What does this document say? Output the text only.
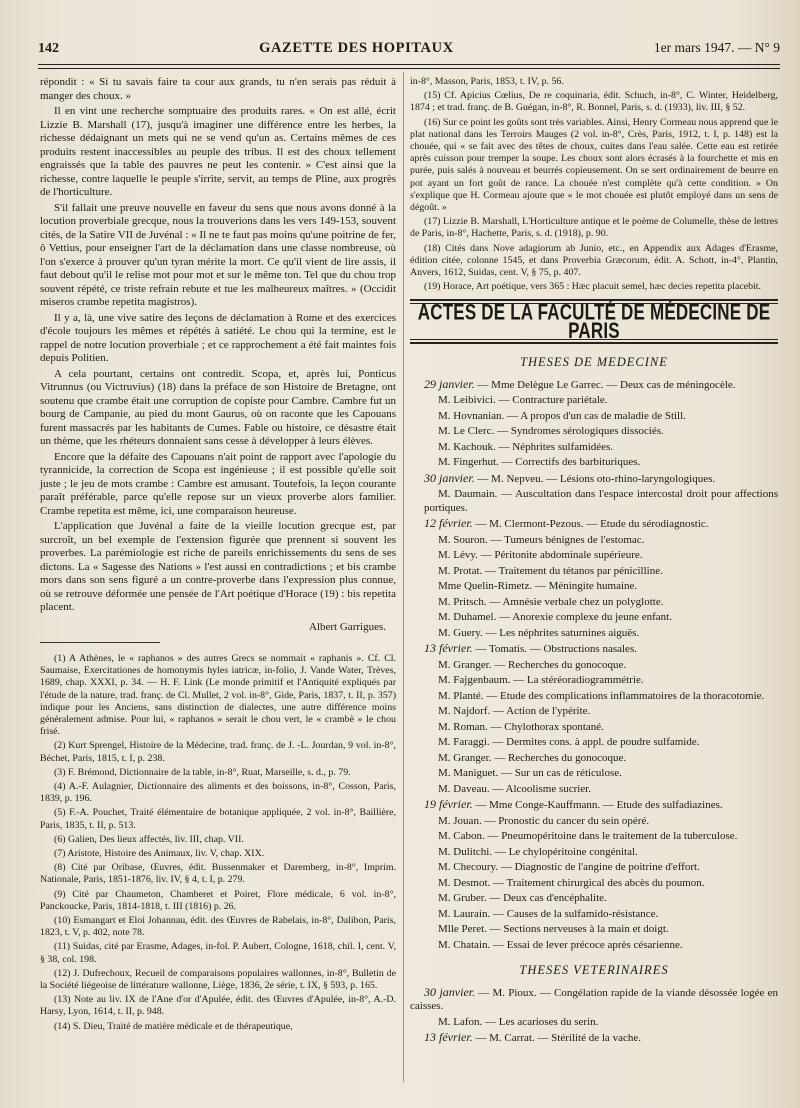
142	GAZETTE DES HOPITAUX	1er mars 1947. — N° 9

répondit : « Si tu savais faire ta cour aux grands, tu n'en serais pas réduit à manger des choux. »

Il en vint une recherche somptuaire des produits rares. « On est allé, écrit Lizzie B. Marshall (17), jusqu'à imaginer une différence entre les herbes, la richesse dédaignant un mets qui ne se vend qu'un as. Certains mêmes de ces produits restent inaccessibles au peuple des tribus. Il est des choux tellement engraissés que la table des pauvres ne peut les contenir. » C'est ainsi que la richesse, contre laquelle le peuple s'irrite, servit, au temps de Pline, aux progrès de l'horticulture.

S'il fallait une preuve nouvelle en faveur du sens que nous avons donné à la locution proverbiale grecque, nous la trouverions dans les vers 149-153, souvent cités, de la Satire VII de Juvénal : « Il ne te faut pas moins qu'une poitrine de fer, ô Vettius, pour enseigner l'art de la déclamation dans une classe nombreuse, où l'on s'exerce à prouver qu'un tyran mérite la mort. Ce qu'il vient de lire assis, il faut debout qu'il le relise mot pour mot et sur le même ton. Tel que du chou trop souvent répété, ce triste refrain rebute et tue les malheureux maîtres. » (Occidit miseros crambe repetita magistros).

Il y a, là, une vive satire des leçons de déclamation à Rome et des exercices d'école toujours les mêmes et répétés à satiété. Le chou qui la termine, est le rappel de notre locution proverbiale ; et ce rapprochement a été fait maintes fois depuis Politien.

A cela pourtant, certains ont contredit. Scopa, et, après lui, Ponticus Vitrunnus (ou Victruvius) (18) dans la préface de son Histoire de Bretagne, ont soutenu que crambe était une corruption de copiste pour Cambre. Cambre fut un bourg de Campanie, au pied du mont Gaurus, où on raconte que les Capouans furent massacrés par les habitants de Cumes. Fable ou histoire, ce désastre était un thème, que les rhéteurs donnaient sans cesse à développer à leurs élèves.

Encore que la défaite des Capouans n'ait point de rapport avec l'apologie du tyrannicide, la correction de Scopa est ingénieuse ; il est possible qu'elle soit juste ; le jeu de mots crambe : Cambre est amusant. Toutefois, la leçon courante paraît préférable, parce qu'elle repose sur un vieux proverbe alors familier. Crambe repetita est même, ici, une comparaison heureuse.

L'application que Juvénal a faite de la vieille locution grecque est, par surcroît, un bel exemple de l'extension figurée que prennent si souvent les proverbes. La parémiologie est riche de pareils enrichissements du sens de ses dictons. La « Sagesse des Nations » l'est aussi en contradictions ; et bis crambe mors dans son sens figuré a un contre-proverbe dans l'expression plus connue, où se retrouve déformée une pensée de l'Art poétique d'Horace (19) : bis repetita placent.

Albert Garrigues.

(1) A Athènes, le « raphanos » des autres Grecs se nommait « raphanis ». Cf. Cl. Saumaise, Exercitationes de homonymis hyles iatricæ, in-folio, J. Vande Water, Trèves, 1689, chap. XXXI, p. 34. — H. F. Link (Le monde primitif et l'Antiquité expliqués par l'étude de la nature, trad. franç. de Cl. Mullet, 2 vol. in-8°, Gide, Paris, 1837, t. II, p. 357) indique pour les Anciens, sans distinction de dialectes, une autre différence moins généralement admise. Pour lui, « raphanos » serait le chou vert, le « crambè » le chou frisé.

(2) Kurt Sprengel, Histoire de la Médecine, trad. franç. de J. -L. Jourdan, 9 vol. in-8°, Béchet, Paris, 1815, t. I, p. 238.

(3) F. Brémond, Dictionnaire de la table, in-8°, Ruat, Marseille, s. d., p. 79.

(4) A.-F. Aulagnier, Dictionnaire des aliments et des boissons, in-8°, Cosson, Paris, 1839, p. 196.

(5) F.-A. Pouchet, Traité élémentaire de botanique appliquée, 2 vol. in-8°, Baillière, Paris, 1835, t. II, p. 513.

(6) Galien, Des lieux affectés, liv. III, chap. VII.

(7) Aristote, Histoire des Animaux, liv. V, chap. XIX.

(8) Cité par Oribase, Œuvres, édit. Bussenmaker et Daremberg, in-8°, Imprim. Nationale, Paris, 1851-1876, liv. IV, § 4, t. I, p. 279.

(9) Cité par Chaumeton, Chamberet et Poiret, Flore médicale, 6 vol. in-8°, Panckoucke, Paris, 1814-1818, t. III (1816) p. 26.

(10) Esmangart et Eloi Johannau, édit. des Œuvres de Rabelais, in-8°, Dalibon, Paris, 1823, t. V, p. 402, note 78.

(11) Suidas, cité par Erasme, Adages, in-fol. P. Aubert, Cologne, 1618, chil. I, cent. V, § 38, col. 198.

(12) J. Dufrechoux, Recueil de comparaisons populaires wallonnes, in-8°, Bulletin de la Société liégeoise de littérature wallonne, Liège, 1836, 2e série, t. IX, § 593, p. 165.

(13) Note au liv. IX de l'Ane d'or d'Apulée, édit. des Œuvres d'Apulée, in-8°, A.-D. Harsy, Lyon, 1614, t. II, p. 948.

(14) S. Dieu, Traité de matière médicale et de thérapeutique,

in-8°, Masson, Paris, 1853, t. IV, p. 56.

(15) Cf. Apicius Cœlius, De re coquinaria, édit. Schuch, in-8°, C. Winter, Heidelberg, 1874 ; et trad. franç. de B. Guégan, in-8°, R. Bonnel, Paris, s. d. (1933), liv. III, § 52.

(16) Sur ce point les goûts sont très variables. Ainsi, Henry Cormeau nous apprend que le plat national dans les Terroirs Mauges (2 vol. in-8°, Crès, Paris, 1912, t. I, p. 148) est la chouée, qui « se fait avec des têtes de choux, cuites dans l'eau salée. Cette eau est retirée après cuisson pour tremper la soupe. Les choux sont alors écrasés à la fourchette et mis en purée, puis salés à nouveau et beurrés copieusement. On se sert ordinairement de beurre en pot ayant un fort goût de rance. La chouée n'est complète qu'à cette condition. » On s'explique que H. Cormeau ajoute que « le mot chouée est plutôt employé dans un sens de dégoût. »

(17) Lizzie B. Marshall, L'Horticulture antique et le poème de Columelle, thèse de lettres de Paris, in-8°, Hachette, Paris, s. d. (1918), p. 90.

(18) Cités dans Nove adagiorum ab Junio, etc., en Appendix aux Adages d'Erasme, édition citée, colonne 1545, et dans Proverbia Græcorum, édit. A. Schott, in-4°, Plantin, Anvers, 1612, Suidas, cent. V, § 75, p. 407.

(19) Horace, Art poétique, vers 365 : Hæc placuit semel, hæc decies repetita placebit.

ACTES DE LA FACULTÉ DE MÉDECINE DE PARIS
THESES DE MEDECINE

29 janvier. — Mme Delègue Le Garrec. — Deux cas de méningocèle.

M. Leibivici. — Contracture pariétale.

M. Hovnanian. — A propos d'un cas de maladie de Still.

M. Le Clerc. — Syndromes sérologiques dissociés.

M. Kachouk. — Néphrites sulfamidées.

M. Fingerhut. — Correctifs des barbituriques.

30 janvier. — M. Nepveu. — Lésions oto-rhino-laryngologiques.

M. Daumain. — Auscultation dans l'espace intercostal droit pour affections portiques.

12 février. — M. Clermont-Pezous. — Etude du sérodiagnostic.

M. Souron. — Tumeurs bénignes de l'estomac.

M. Lévy. — Péritonite abdominale supérieure.

M. Protat. — Traitement du tétanos par pénicilline.

Mme Quelin-Rimetz. — Méningite humaine.

M. Pritsch. — Amnésie verbale chez un polyglotte.

M. Duhamel. — Anorexie complexe du jeune enfant.

M. Guery. — Les néphrites saturnines aiguës.

13 février. — Tomatis. — Obstructions nasales.

M. Granger. — Recherches du gonocoque.

M. Fajgenbaum. — La stéréoradiogrammétrie.

M. Planté. — Etude des complications inflammatoires de la thoracotomie.

M. Najdorf. — Action de l'ypérite.

M. Roman. — Chylothorax spontané.

M. Faraggi. — Dermites cons. à appl. de poudre sulfamide.

M. Granger. — Recherches du gonocoque.

M. Maniguet. — Sur un cas de réticulose.

M. Daveau. — Alcoolisme sucrier.

19 février. — Mme Conge-Kauffmann. — Etude des sulfadiazines.

M. Jouan. — Pronostic du cancer du sein opéré.

M. Cabon. — Pneumopéritoine dans le traitement de la tuberculose.

M. Dulitchi. — Le chylopéritoine congénital.

M. Checoury. — Diagnostic de l'angine de poitrine d'effort.

M. Desmot. — Traitement chirurgical des abcès du poumon.

M. Gruber. — Deux cas d'encéphalite.

M. Laurain. — Causes de la sulfamido-résistance.

Mlle Peret. — Sections nerveuses à la main et doigt.

M. Chatain. — Essai de lever précoce après césarienne.

THESES VETERINAIRES

30 janvier. — M. Pioux. — Congélation rapide de la viande désossée logée en caisses.

M. Lafon. — Les acarioses du serin.

13 février. — M. Carrat. — Stérilité de la vache.
